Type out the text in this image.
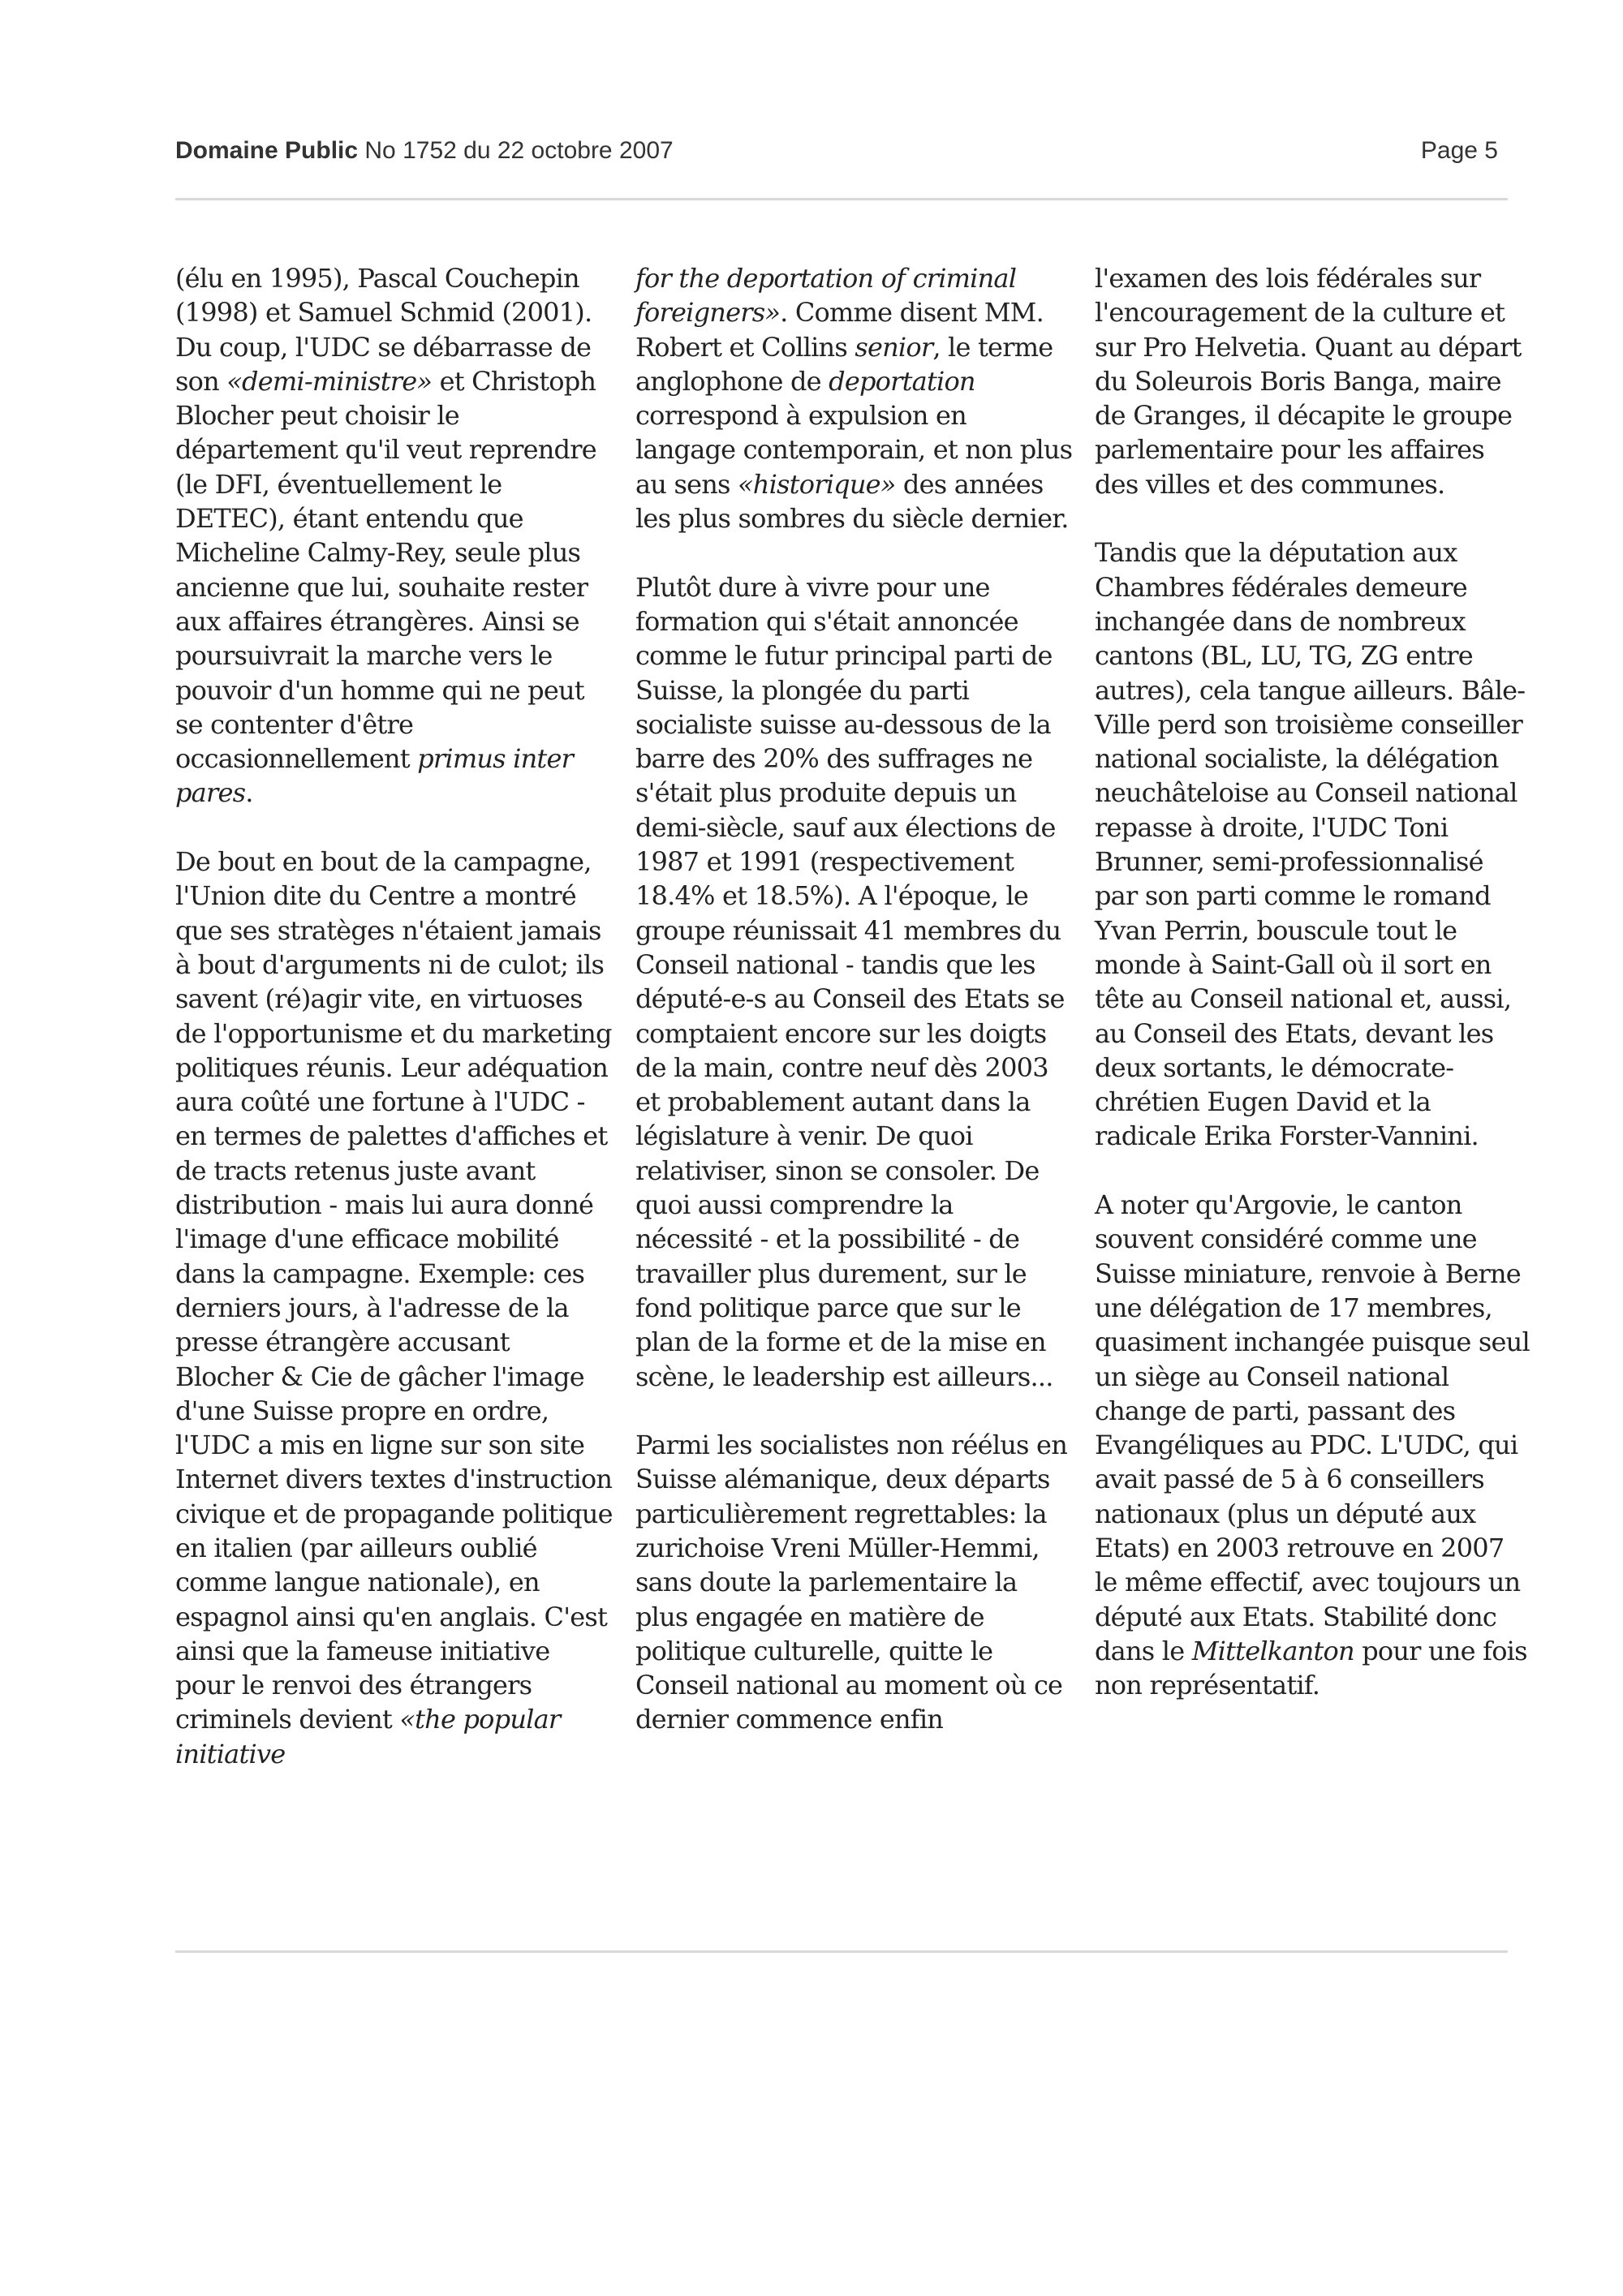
Domaine Public No 1752 du 22 octobre 2007	Page 5

(élu en 1995), Pascal Couchepin (1998) et Samuel Schmid (2001). Du coup, l'UDC se débarrasse de son «demi-ministre» et Christoph Blocher peut choisir le département qu'il veut reprendre (le DFI, éventuellement le DETEC), étant entendu que Micheline Calmy-Rey, seule plus ancienne que lui, souhaite rester aux affaires étrangères. Ainsi se poursuivrait la marche vers le pouvoir d'un homme qui ne peut se contenter d'être occasionnellement primus inter pares.

De bout en bout de la campagne, l'Union dite du Centre a montré que ses stratèges n'étaient jamais à bout d'arguments ni de culot; ils savent (ré)agir vite, en virtuoses de l'opportunisme et du marketing politiques réunis. Leur adéquation aura coûté une fortune à l'UDC - en termes de palettes d'affiches et de tracts retenus juste avant distribution - mais lui aura donné l'image d'une efficace mobilité dans la campagne. Exemple: ces derniers jours, à l'adresse de la presse étrangère accusant Blocher & Cie de gâcher l'image d'une Suisse propre en ordre, l'UDC a mis en ligne sur son site Internet divers textes d'instruction civique et de propagande politique en italien (par ailleurs oublié comme langue nationale), en espagnol ainsi qu'en anglais. C'est ainsi que la fameuse initiative pour le renvoi des étrangers criminels devient «the popular initiative

for the deportation of criminal foreigners». Comme disent MM. Robert et Collins senior, le terme anglophone de deportation correspond à expulsion en langage contemporain, et non plus au sens «historique» des années les plus sombres du siècle dernier.

Plutôt dure à vivre pour une formation qui s'était annoncée comme le futur principal parti de Suisse, la plongée du parti socialiste suisse au-dessous de la barre des 20% des suffrages ne s'était plus produite depuis un demi-siècle, sauf aux élections de 1987 et 1991 (respectivement 18.4% et 18.5%). A l'époque, le groupe réunissait 41 membres du Conseil national - tandis que les député-e-s au Conseil des Etats se comptaient encore sur les doigts de la main, contre neuf dès 2003 et probablement autant dans la législature à venir. De quoi relativiser, sinon se consoler. De quoi aussi comprendre la nécessité - et la possibilité - de travailler plus durement, sur le fond politique parce que sur le plan de la forme et de la mise en scène, le leadership est ailleurs...

Parmi les socialistes non réélus en Suisse alémanique, deux départs particulièrement regrettables: la zurichoise Vreni Müller-Hemmi, sans doute la parlementaire la plus engagée en matière de politique culturelle, quitte le Conseil national au moment où ce dernier commence enfin

l'examen des lois fédérales sur l'encouragement de la culture et sur Pro Helvetia. Quant au départ du Soleurois Boris Banga, maire de Granges, il décapite le groupe parlementaire pour les affaires des villes et des communes.

Tandis que la députation aux Chambres fédérales demeure inchangée dans de nombreux cantons (BL, LU, TG, ZG entre autres), cela tangue ailleurs. Bâle-Ville perd son troisième conseiller national socialiste, la délégation neuchâteloise au Conseil national repasse à droite, l'UDC Toni Brunner, semi-professionnalisé par son parti comme le romand Yvan Perrin, bouscule tout le monde à Saint-Gall où il sort en tête au Conseil national et, aussi, au Conseil des Etats, devant les deux sortants, le démocrate-chrétien Eugen David et la radicale Erika Forster-Vannini.

A noter qu'Argovie, le canton souvent considéré comme une Suisse miniature, renvoie à Berne une délégation de 17 membres, quasiment inchangée puisque seul un siège au Conseil national change de parti, passant des Evangéliques au PDC. L'UDC, qui avait passé de 5 à 6 conseillers nationaux (plus un député aux Etats) en 2003 retrouve en 2007 le même effectif, avec toujours un député aux Etats. Stabilité donc dans le Mittelkanton pour une fois non représentatif.
